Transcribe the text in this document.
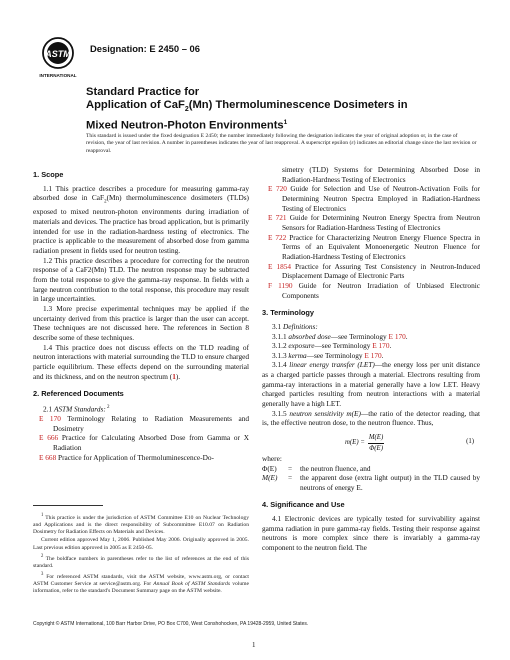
ASTM
INTERNATIONAL
Designation: E 2450 – 06
Standard Practice for
Application of CaF$_2$(Mn) Thermoluminescence Dosimeters in
Mixed Neutron-Photon Environments$^1$
This standard is issued under the fixed designation E 2450; the number immediately following the designation indicates the year of original adoption or, in the case of revision, the year of last revision. A number in parentheses indicates the year of last reapproval. A superscript epsilon (ε) indicates an editorial change since the last revision or reapproval.
1. Scope

1.1 This practice describes a procedure for measuring gamma-ray absorbed dose in CaF$_2$(Mn) thermoluminescence dosimeters (TLDs) exposed to mixed neutron-photon environments during irradiation of materials and devices. The practice has broad application, but is primarily intended for use in the radiation-hardness testing of electronics. The practice is applicable to the measurement of absorbed dose from gamma radiation present in fields used for neutron testing.

1.2 This practice describes a procedure for correcting for the neutron response of a CaF2(Mn) TLD. The neutron response may be subtracted from the total response to give the gamma-ray response. In fields with a large neutron contribution to the total response, this procedure may result in large uncertainties.

1.3 More precise experimental techniques may be applied if the uncertainty derived from this practice is larger than the user can accept. These techniques are not discussed here. The references in Section 8 describe some of these techniques.

1.4 This practice does not discuss effects on the TLD reading of neutron interactions with material surrounding the TLD to ensure charged particle equilibrium. These effects depend on the surrounding material and its thickness, and on the neutron spectrum (1).

2. Referenced Documents

2.1 ASTM Standards: $^2$

E 170 Terminology Relating to Radiation Measurements and Dosimetry
E 666 Practice for Calculating Absorbed Dose from Gamma or X Radiation
E 668 Practice for Application of Thermoluminescence-Do-

$^1$ This practice is under the jurisdiction of ASTM Committee E10 on Nuclear Technology and Applications and is the direct responsibility of Subcommittee E10.07 on Radiation Dosimetry for Radiation Effects on Materials and Devices.

Current edition approved May 1, 2006. Published May 2006. Originally approved in 2005. Last previous edition approved in 2005 as E 2450-05.

$^2$ The boldface numbers in parentheses refer to the list of references at the end of this standard.

$^3$ For referenced ASTM standards, visit the ASTM website, www.astm.org, or contact ASTM Customer Service at service@astm.org. For Annual Book of ASTM Standards volume information, refer to the standard's Document Summary page on the ASTM website.

simetry (TLD) Systems for Determining Absorbed Dose in Radiation-Hardness Testing of Electronics
E 720 Guide for Selection and Use of Neutron-Activation Foils for Determining Neutron Spectra Employed in Radiation-Hardness Testing of Electronics
E 721 Guide for Determining Neutron Energy Spectra from Neutron Sensors for Radiation-Hardness Testing of Electronics
E 722 Practice for Characterizing Neutron Energy Fluence Spectra in Terms of an Equivalent Monoenergetic Neutron Fluence for Radiation-Hardness Testing of Electronics
E 1854 Practice for Assuring Test Consistency in Neutron-Induced Displacement Damage of Electronic Parts
F 1190 Guide for Neutron Irradiation of Unbiased Electronic Components
3. Terminology

3.1 Definitions:

3.1.1 absorbed dose—see Terminology E 170.

3.1.2 exposure—see Terminology E 170.

3.1.3 kerma—see Terminology E 170.

3.1.4 linear energy transfer (LET)—the energy loss per unit distance as a charged particle passes through a material. Electrons resulting from gamma-ray interactions in a material generally have a low LET. Heavy charged particles resulting from neutron interactions with a material generally have a high LET.

3.1.5 neutron sensitivity m(E)—the ratio of the detector reading, that is, the effective neutron dose, to the neutron fluence. Thus,

$m(E) = \frac{M(E)}{\Phi(E)}$	(1)
where:
Φ(E)	=	the neutron fluence, and
M(E)	=	the apparent dose (extra light output) in the TLD caused by neutrons of energy E.
4. Significance and Use

4.1 Electronic devices are typically tested for survivability against gamma radiation in pure gamma-ray fields. Testing their response against neutrons is more complex since there is invariably a gamma-ray component to the neutron field. The

Copyright © ASTM International, 100 Barr Harbor Drive, PO Box C700, West Conshohocken, PA 19428-2959, United States.
1
